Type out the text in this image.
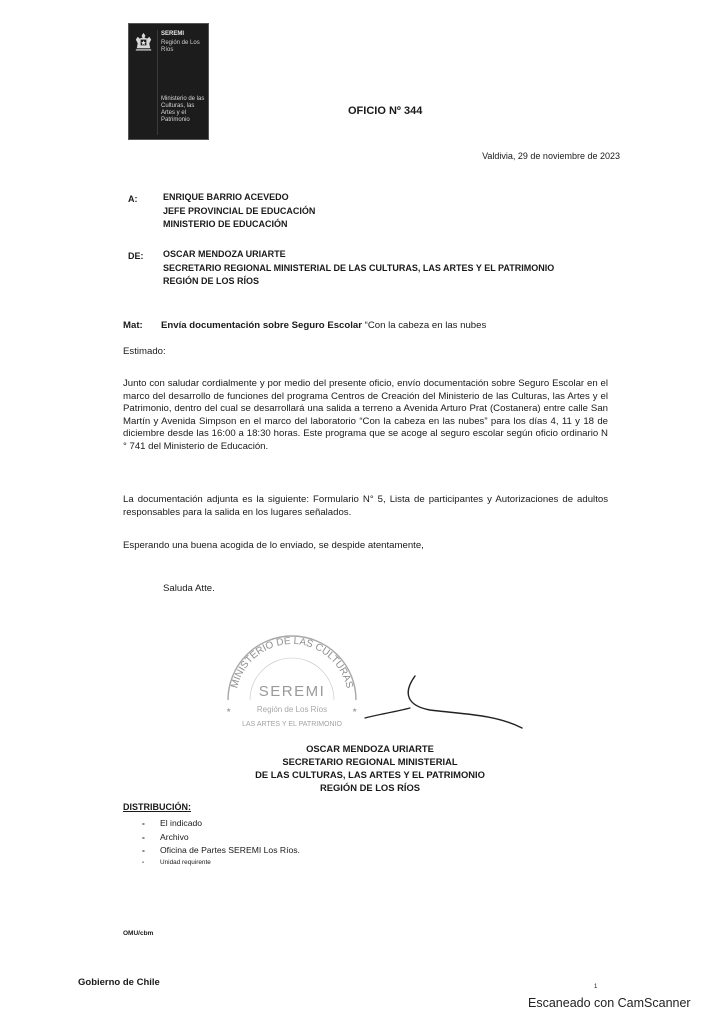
SEREMI
Región de Los Ríos
Ministerio de las Culturas, las Artes y el Patrimonio
OFICIO Nº 344
Valdivia, 29 de noviembre de 2023
A:	ENRIQUE BARRIO ACEVEDO
JEFE PROVINCIAL DE EDUCACIÓN
MINISTERIO DE EDUCACIÓN
DE: OSCAR MENDOZA URIARTE
SECRETARIO REGIONAL MINISTERIAL DE LAS CULTURAS, LAS ARTES Y EL PATRIMONIO
REGIÓN DE LOS RÍOS
Mat: Envía documentación sobre Seguro Escolar “Con la cabeza en las nubes
Estimado:
Junto con saludar cordialmente y por medio del presente oficio, envío documentación sobre Seguro Escolar en el marco del desarrollo de funciones del programa Centros de Creación del Ministerio de las Culturas, las Artes y el Patrimonio, dentro del cual se desarrollará una salida a terreno a Avenida Arturo Prat (Costanera) entre calle San Martín y Avenida Simpson en el marco del laboratorio “Con la cabeza en las nubes” para los días 4, 11 y 18 de diciembre desde las 16:00 a 18:30 horas. Este programa que se acoge al seguro escolar según oficio ordinario N ° 741 del Ministerio de Educación.
La documentación adjunta es la siguiente: Formulario N° 5, Lista de participantes y Autorizaciones de adultos responsables para la salida en los lugares señalados.
Esperando una buena acogida de lo enviado, se despide atentamente,
Saluda Atte.
MINISTERIO DE LAS CULTURAS
SEREMI
Región de Los Ríos
LAS ARTES Y EL PATRIMONIO
★	★
OSCAR MENDOZA URIARTE
SECRETARIO REGIONAL MINISTERIAL
DE LAS CULTURAS, LAS ARTES Y EL PATRIMONIO
REGIÓN DE LOS RÍOS
DISTRIBUCIÓN:
- El indicado
- Archivo
- Oficina de Partes SEREMI Los Ríos.
- Unidad requirente
OMU/cbm
Gobierno de Chile	1
Escaneado con CamScanner
